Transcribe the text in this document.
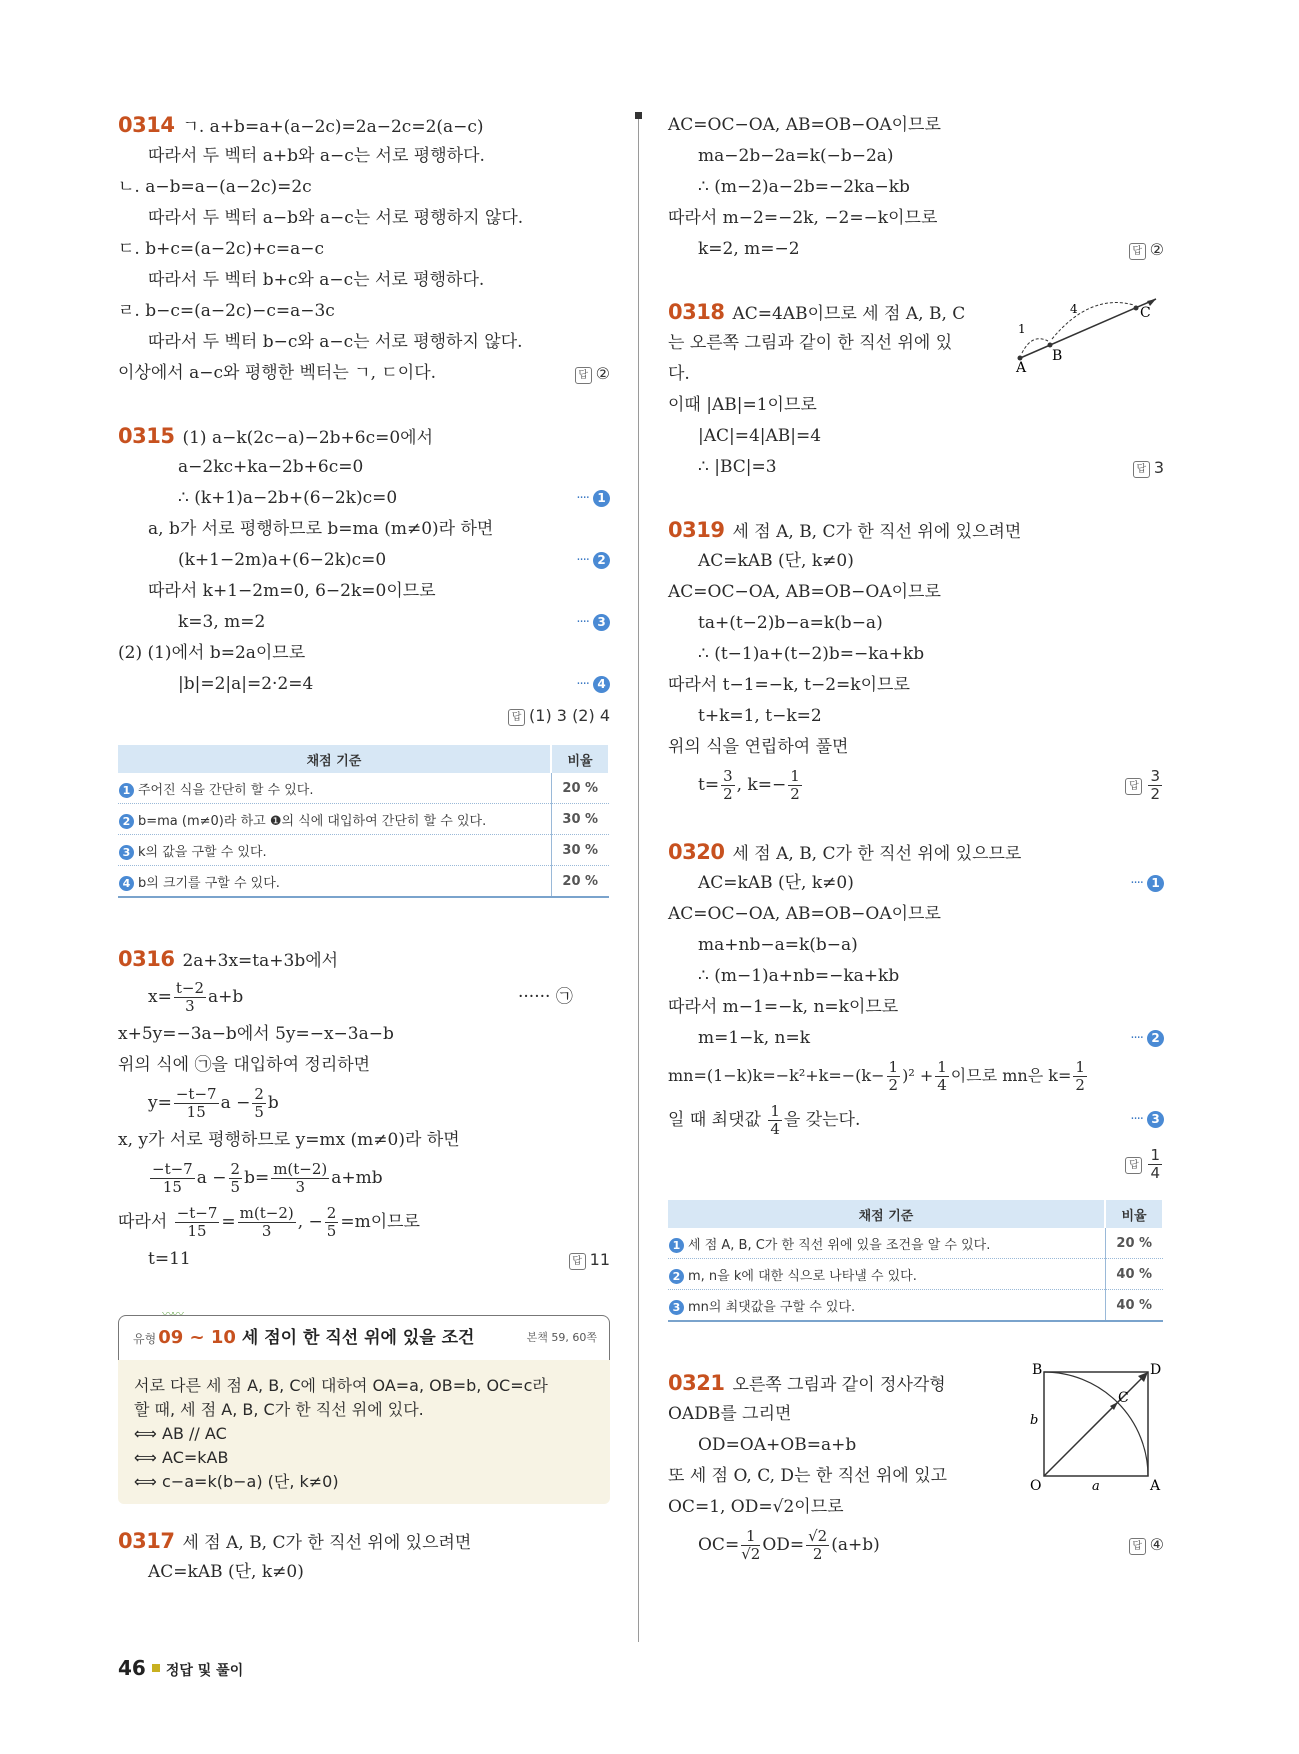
0314 ㄱ. a+b=a+(a−2c)=2a−2c=2(a−c)
따라서 두 벡터 a+b와 a−c는 서로 평행하다.
ㄴ. a−b=a−(a−2c)=2c
따라서 두 벡터 a−b와 a−c는 서로 평행하지 않다.
ㄷ. b+c=(a−2c)+c=a−c
따라서 두 벡터 b+c와 a−c는 서로 평행하다.
ㄹ. b−c=(a−2c)−c=a−3c
따라서 두 벡터 b−c와 a−c는 서로 평행하지 않다.
이상에서 a−c와 평행한 벡터는 ㄱ, ㄷ이다.	답 ②
0315 (1) a−k(2c−a)−2b+6c=0에서
a−2kc+ka−2b+6c=0
∴ (k+1)a−2b+(6−2k)c=0	···· 1
a, b가 서로 평행하므로 b=ma (m≠0)라 하면
(k+1−2m)a+(6−2k)c=0	···· 2
따라서 k+1−2m=0, 6−2k=0이므로
k=3, m=2	···· 3
(2) (1)에서 b=2a이므로
|b|=2|a|=2·2=4	···· 4
답 (1) 3 (2) 4
채점 기준	비율
1 주어진 식을 간단히 할 수 있다.	20 %
2 b=ma (m≠0)라 하고 ❶의 식에 대입하여 간단히 할 수 있다.	30 %
3 k의 값을 구할 수 있다.	30 %
4 b의 크기를 구할 수 있다.	20 %
0316 2a+3x=ta+3b에서
$x= \frac{t-2}{3} a+b$	······ ㉠
x+5y=−3a−b에서 5y=−x−3a−b
위의 식에 ㉠을 대입하여 정리하면
$y= \frac{-t-7}{15}$ $a - \frac{2}{5}$ b
x, y가 서로 평행하므로 y=mx (m≠0)라 하면
$\frac{-t-7}{15}$ $a - \frac{2}{5} b= \frac{m(t-2)}{3} a+mb$
따라서 $\frac{-t-7}{15} = \frac{m(t-2)}{3}$ , − $\frac{2}{5} =m$이므로
t=11	답 11
〰〰
유형 09 ~ 10 세 점이 한 직선 위에 있을 조건	본책 59, 60쪽
서로 다른 세 점 A, B, C에 대하여 OA=a, OB=b, OC=c라
할 때, 세 점 A, B, C가 한 직선 위에 있다.
⟺ AB // AC
⟺ AC=kAB
⟺ c−a=k(b−a) (단, k≠0)
0317 세 점 A, B, C가 한 직선 위에 있으려면
AC=kAB (단, k≠0)
AC=OC−OA, AB=OB−OA이므로
ma−2b−2a=k(−b−2a)
∴ (m−2)a−2b=−2ka−kb
따라서 m−2=−2k, −2=−k이므로
k=2, m=−2	답 ②
0318 AC=4AB이므로 세 점 A, B, C
는 오른쪽 그림과 같이 한 직선 위에 있
다.
이때 |AB|=1이므로
|AC|=4|AB|=4
∴ |BC|=3	답 3
A
B
C
1
4
0319 세 점 A, B, C가 한 직선 위에 있으려면
AC=kAB (단, k≠0)
AC=OC−OA, AB=OB−OA이므로
ta+(t−2)b−a=k(b−a)
∴ (t−1)a+(t−2)b=−ka+kb
따라서 t−1=−k, t−2=k이므로
t+k=1, t−k=2
위의 식을 연립하여 풀면
$t= \frac{3}{2}$ , $k=- \frac{1}{2}$	답 $\frac{3}{2}$
0320 세 점 A, B, C가 한 직선 위에 있으므로
AC=kAB (단, k≠0)	···· 1
AC=OC−OA, AB=OB−OA이므로
ma+nb−a=k(b−a)
∴ (m−1)a+nb=−ka+kb
따라서 m−1=−k, n=k이므로
m=1−k, n=k	···· 2
$mn=(1-k)k=-k^2+k=-(k- \frac{1}{2} )^2 + \frac{1}{4}$ 이므로 mn은 $k= \frac{1}{2}$
일 때 최댓값 $\frac{1}{4}$ 을 갖는다.	···· 3
답 $\frac{1}{4}$
채점 기준	비율
1 세 점 A, B, C가 한 직선 위에 있을 조건을 알 수 있다.	20 %
2 m, n을 k에 대한 식으로 나타낼 수 있다.	40 %
3 mn의 최댓값을 구할 수 있다.	40 %
0321 오른쪽 그림과 같이 정사각형
OADB를 그리면
OD=OA+OB=a+b
또 세 점 O, C, D는 한 직선 위에 있고
OC=1, OD=√2이므로
$OC= \frac{1}{√2} OD= \frac{√2}{2} (a+b)$	답 ④
O	A
B	D
C
a
b
46 정답 및 풀이
